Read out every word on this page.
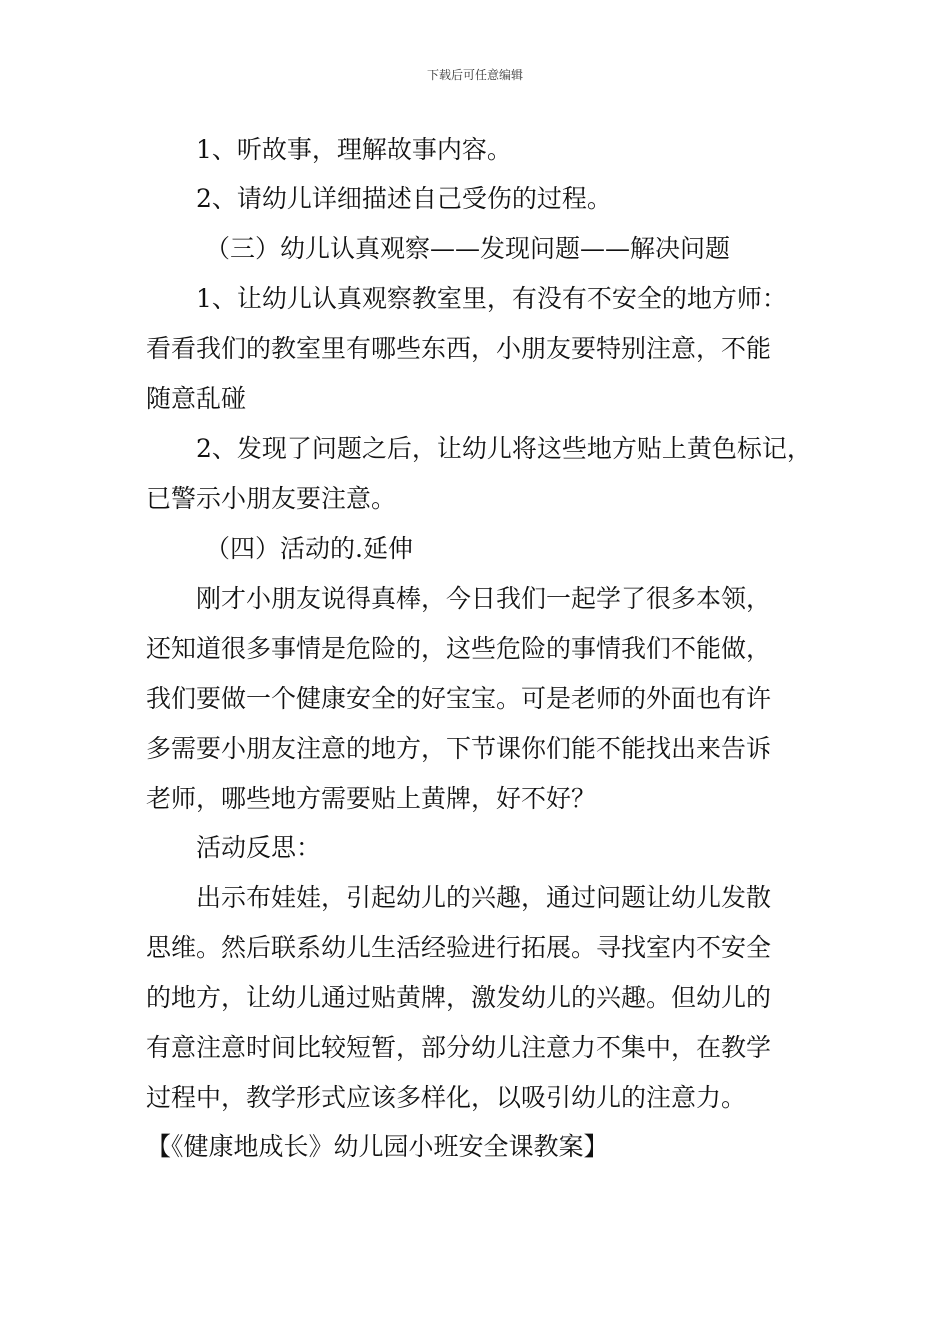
下载后可任意编辑
1、听故事，理解故事内容。
2、请幼儿详细描述自己受伤的过程。
（三）幼儿认真观察——发现问题——解决问题
1、让幼儿认真观察教室里，有没有不安全的地方师：
看看我们的教室里有哪些东西，小朋友要特别注意，不能
随意乱碰
2、发现了问题之后，让幼儿将这些地方贴上黄色标记，
已警示小朋友要注意。
（四）活动的.延伸
刚才小朋友说得真棒，今日我们一起学了很多本领，
还知道很多事情是危险的，这些危险的事情我们不能做，
我们要做一个健康安全的好宝宝。可是老师的外面也有许
多需要小朋友注意的地方，下节课你们能不能找出来告诉
老师，哪些地方需要贴上黄牌，好不好？
活动反思：
出示布娃娃，引起幼儿的兴趣，通过问题让幼儿发散
思维。然后联系幼儿生活经验进行拓展。寻找室内不安全
的地方，让幼儿通过贴黄牌，激发幼儿的兴趣。但幼儿的
有意注意时间比较短暂，部分幼儿注意力不集中，在教学
过程中，教学形式应该多样化，以吸引幼儿的注意力。
【《健康地成长》幼儿园小班安全课教案】
